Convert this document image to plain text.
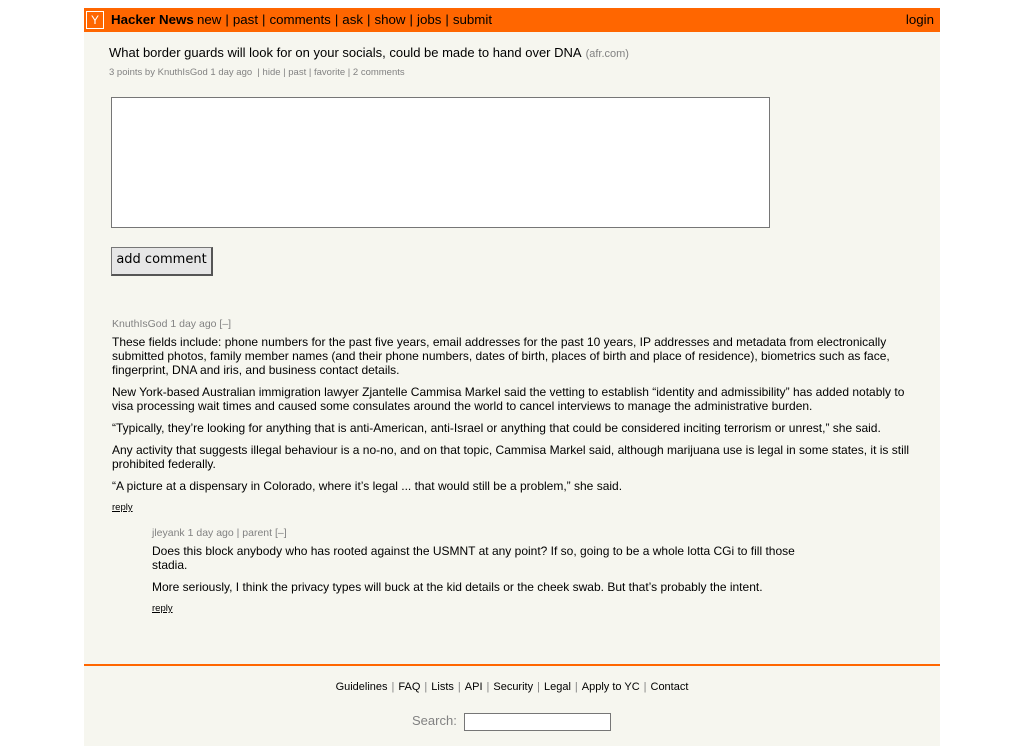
Y Hacker News new | past | comments | ask | show | jobs | submit	login
What border guards will look for on your socials, could be made to hand over DNA (afr.com)
3 points by KnuthIsGod 1 day ago  | hide | past | favorite | 2 comments
add comment
KnuthIsGod 1 day ago [–]

These fields include: phone numbers for the past five years, email addresses for the past 10 years, IP addresses and metadata from electronically submitted photos, family member names (and their phone numbers, dates of birth, places of birth and place of residence), biometrics such as face, fingerprint, DNA and iris, and business contact details.

New York-based Australian immigration lawyer Zjantelle Cammisa Markel said the vetting to establish “identity and admissibility” has added notably to visa processing wait times and caused some consulates around the world to cancel interviews to manage the administrative burden.

“Typically, they’re looking for anything that is anti-American, anti-Israel or anything that could be considered inciting terrorism or unrest,” she said.

Any activity that suggests illegal behaviour is a no-no, and on that topic, Cammisa Markel said, although marijuana use is legal in some states, it is still prohibited federally.

“A picture at a dispensary in Colorado, where it’s legal ... that would still be a problem,” she said.

reply
jleyank 1 day ago | parent [–]

Does this block anybody who has rooted against the USMNT at any point? If so, going to be a whole lotta CGi to fill those stadia.

More seriously, I think the privacy types will buck at the kid details or the cheek swab. But that’s probably the intent.

reply
Guidelines | FAQ | Lists | API | Security | Legal | Apply to YC | Contact
Search:
